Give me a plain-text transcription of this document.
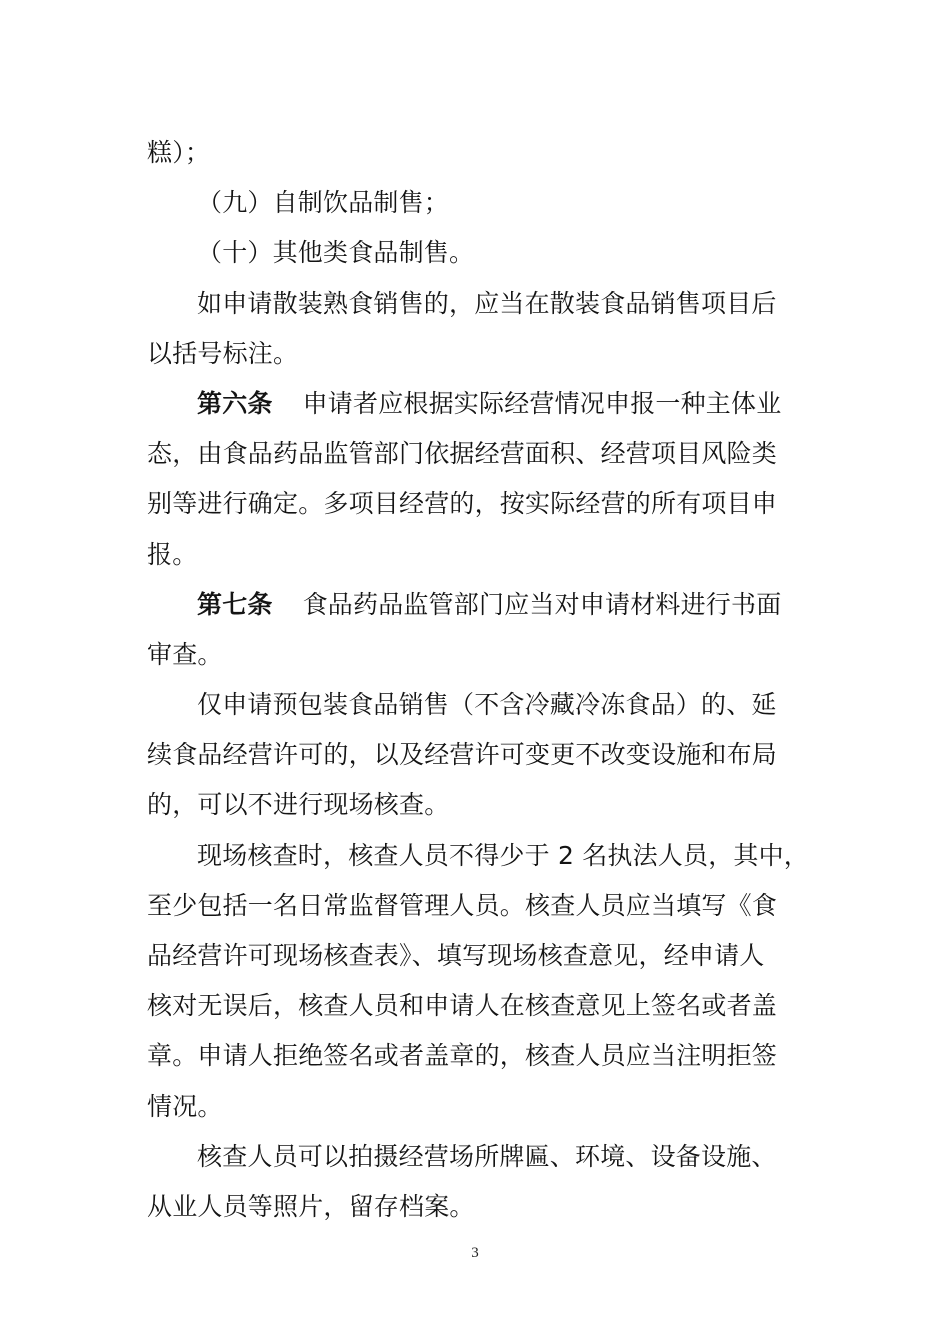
糕）；
（九）自制饮品制售；
（十）其他类食品制售。
如申请散装熟食销售的，应当在散装食品销售项目后
以括号标注。
第六条 申请者应根据实际经营情况申报一种主体业
态，由食品药品监管部门依据经营面积、经营项目风险类
别等进行确定。多项目经营的，按实际经营的所有项目申
报。
第七条 食品药品监管部门应当对申请材料进行书面
审查。
仅申请预包装食品销售（不含冷藏冷冻食品）的、延
续食品经营许可的，以及经营许可变更不改变设施和布局
的，可以不进行现场核查。
现场核查时，核查人员不得少于 2 名执法人员，其中，
至少包括一名日常监督管理人员。核查人员应当填写《食
品经营许可现场核查表》、填写现场核查意见，经申请人
核对无误后，核查人员和申请人在核查意见上签名或者盖
章。申请人拒绝签名或者盖章的，核查人员应当注明拒签
情况。
核查人员可以拍摄经营场所牌匾、环境、设备设施、
从业人员等照片，留存档案。
3
